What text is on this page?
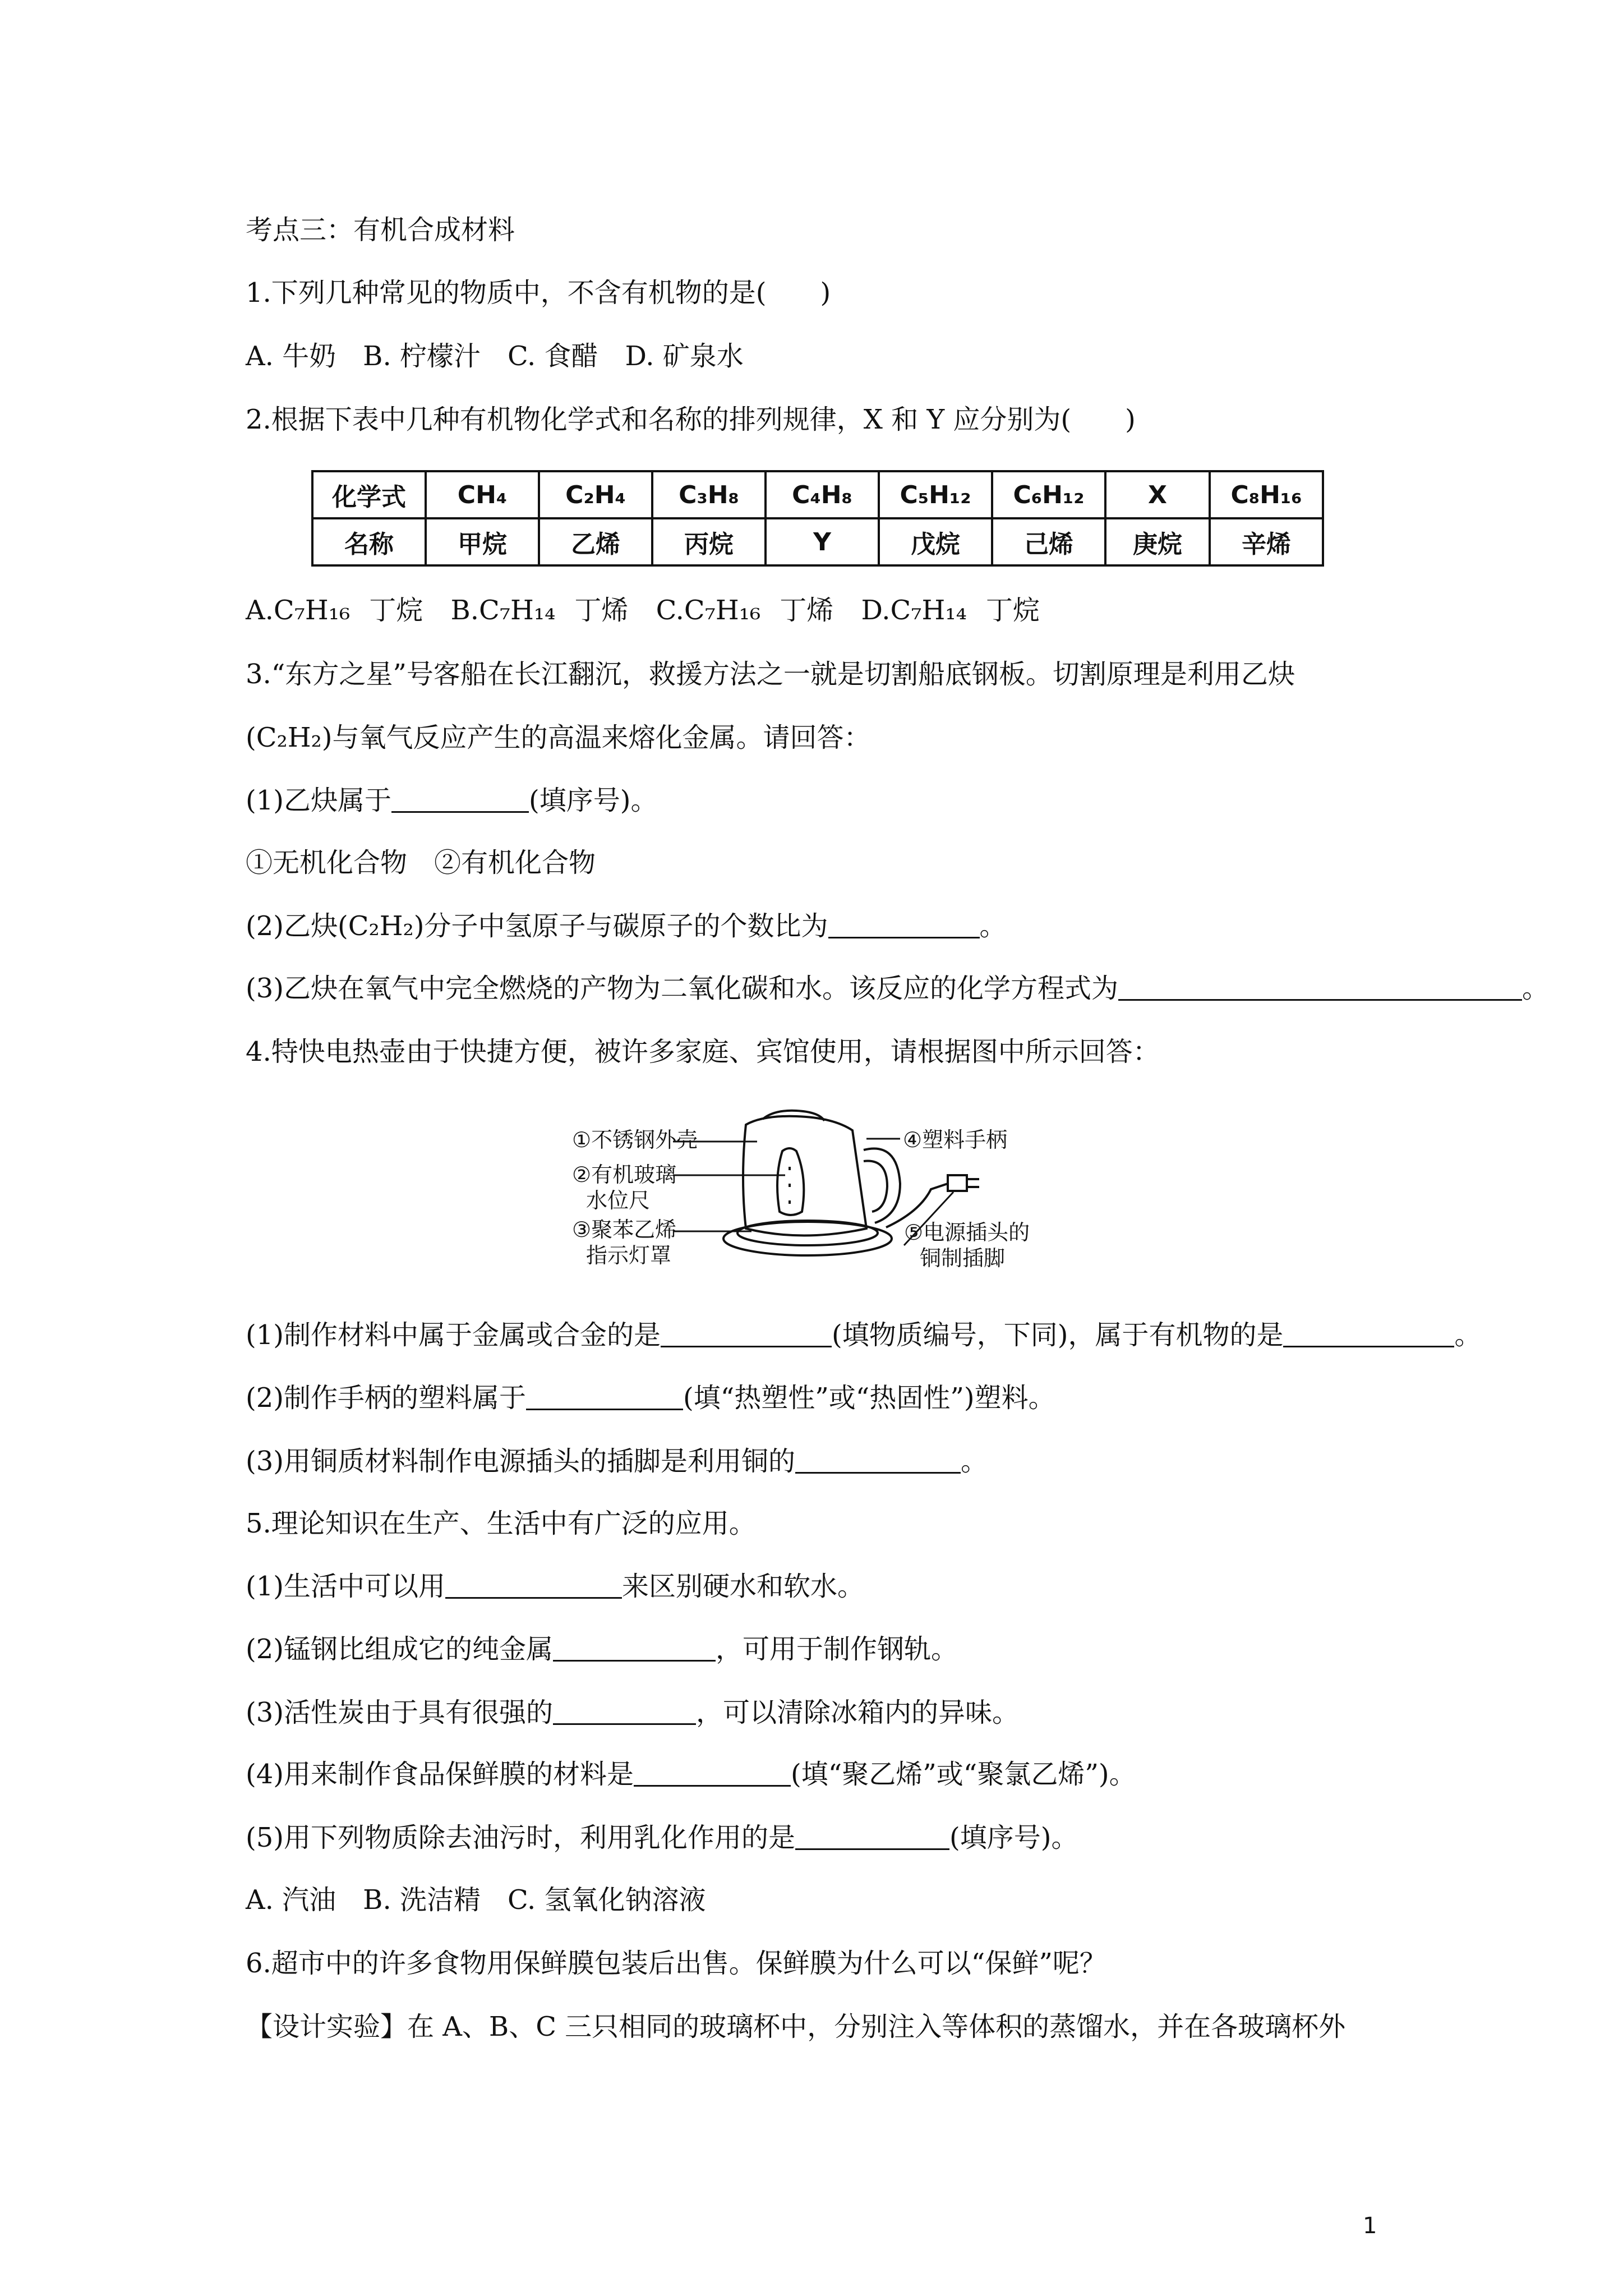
考点三：有机合成材料
1.下列几种常见的物质中，不含有机物的是(　　)
A. 牛奶　B. 柠檬汁　C. 食醋　D. 矿泉水
2.根据下表中几种有机物化学式和名称的排列规律，X 和 Y 应分别为(　　)
化学式	CH₄	C₂H₄	C₃H₈	C₄H₈	C₅H₁₂	C₆H₁₂	X	C₈H₁₆
名称	甲烷	乙烯	丙烷	Y	戊烷	己烯	庚烷	辛烯
A.C₇H₁₆ 丁烷 B.C₇H₁₄ 丁烯 C.C₇H₁₆ 丁烯 D.C₇H₁₄ 丁烷
3.“东方之星”号客船在长江翻沉，救援方法之一就是切割船底钢板。切割原理是利用乙炔
(C₂H₂)与氧气反应产生的高温来熔化金属。请回答：
(1)乙炔属于	(填序号)。
①无机化合物　②有机化合物
(2)乙炔(C₂H₂)分子中氢原子与碳原子的个数比为	。
(3)乙炔在氧气中完全燃烧的产物为二氧化碳和水。该反应的化学方程式为	。
4.特快电热壶由于快捷方便，被许多家庭、宾馆使用，请根据图中所示回答：
①不锈钢外壳
②有机玻璃
水位尺
③聚苯乙烯
指示灯罩
④塑料手柄
⑤电源插头的
铜制插脚
(1)制作材料中属于金属或合金的是	(填物质编号，下同)，属于有机物的是	。
(2)制作手柄的塑料属于	(填“热塑性”或“热固性”)塑料。
(3)用铜质材料制作电源插头的插脚是利用铜的	。
5.理论知识在生产、生活中有广泛的应用。
(1)生活中可以用	来区别硬水和软水。
(2)锰钢比组成它的纯金属	，可用于制作钢轨。
(3)活性炭由于具有很强的	，可以清除冰箱内的异味。
(4)用来制作食品保鲜膜的材料是	(填“聚乙烯”或“聚氯乙烯”)。
(5)用下列物质除去油污时，利用乳化作用的是	(填序号)。
A. 汽油　B. 洗洁精　C. 氢氧化钠溶液
6.超市中的许多食物用保鲜膜包装后出售。保鲜膜为什么可以“保鲜”呢？
【设计实验】在 A、B、C 三只相同的玻璃杯中，分别注入等体积的蒸馏水，并在各玻璃杯外
1
